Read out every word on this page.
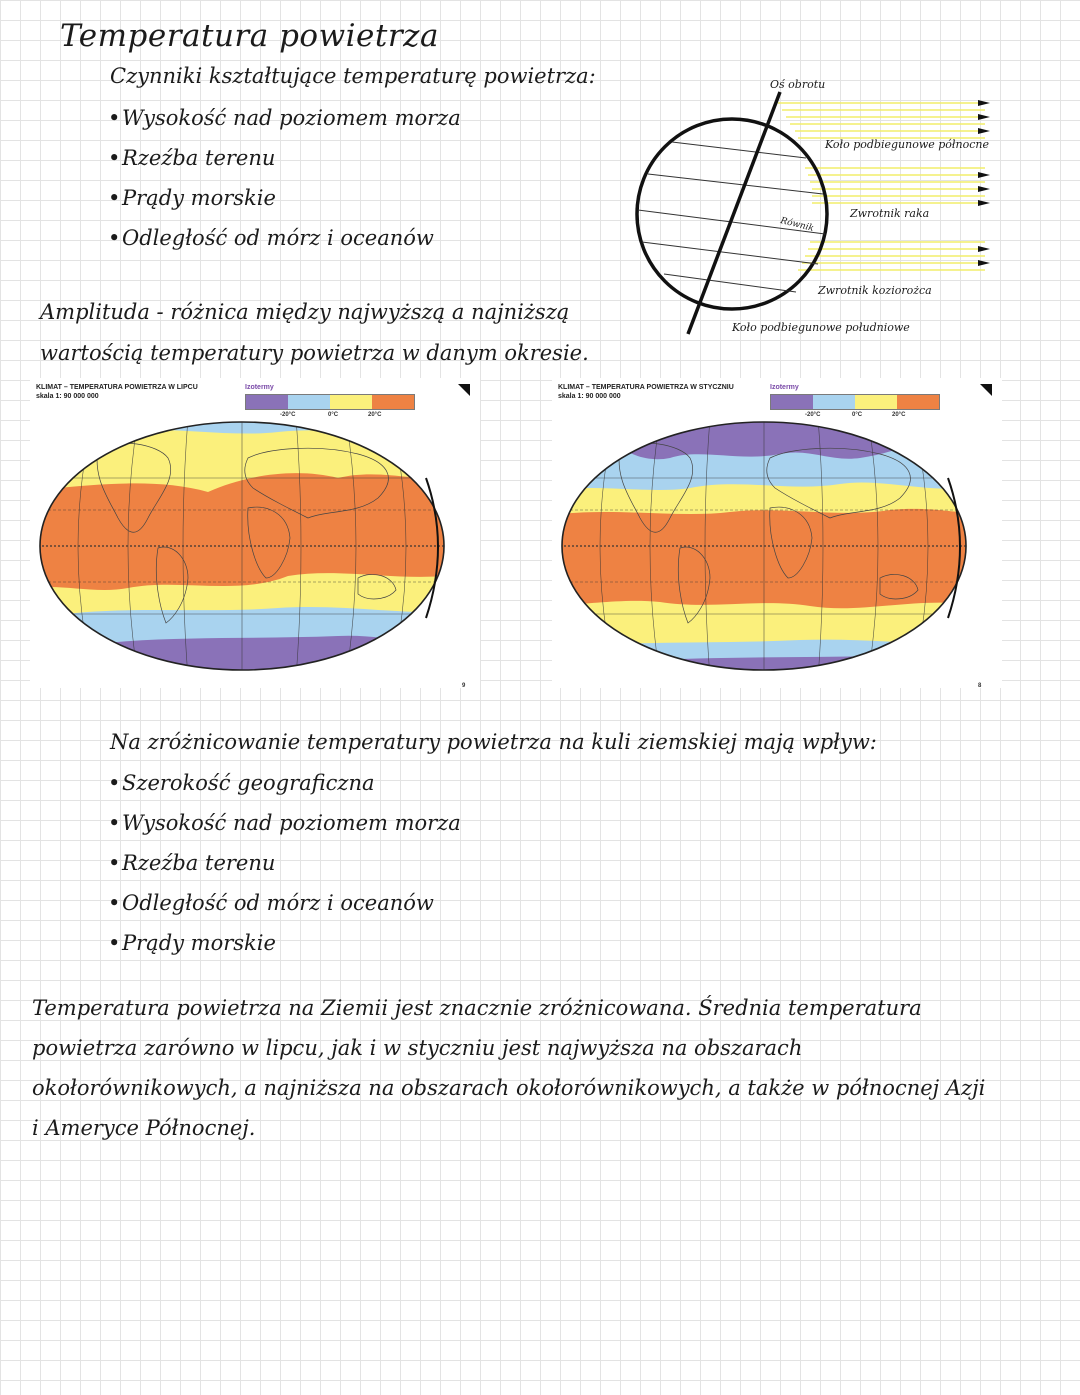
Temperatura powietrza
Czynniki kształtujące temperaturę powietrza:
•Wysokość nad poziomem morza
•Rzeźba terenu
•Prądy morskie
•Odległość od mórz i oceanów
Amplituda - różnica między najwyższą a najniższą
wartością temperatury powietrza w danym okresie.
Oś obrotu
Koło podbiegunowe północne
Zwrotnik raka
Równik
Zwrotnik koziorożca
Koło podbiegunowe południowe
KLIMAT – TEMPERATURA POWIETRZA W LIPCU
skala 1: 90 000 000
Izotermy
-20°C	0°C	20°C
9
KLIMAT – TEMPERATURA POWIETRZA W STYCZNIU
skala 1: 90 000 000
Izotermy
-20°C	0°C	20°C
8
Na zróżnicowanie temperatury powietrza na kuli ziemskiej mają wpływ:
•Szerokość geograficzna
•Wysokość nad poziomem morza
•Rzeźba terenu
•Odległość od mórz i oceanów
•Prądy morskie
Temperatura powietrza na Ziemii jest znacznie zróżnicowana. Średnia temperatura
powietrza zarówno w lipcu, jak i w styczniu jest najwyższa na obszarach
okołorównikowych, a najniższa na obszarach okołorównikowych, a także w północnej Azji
i Ameryce Północnej.
